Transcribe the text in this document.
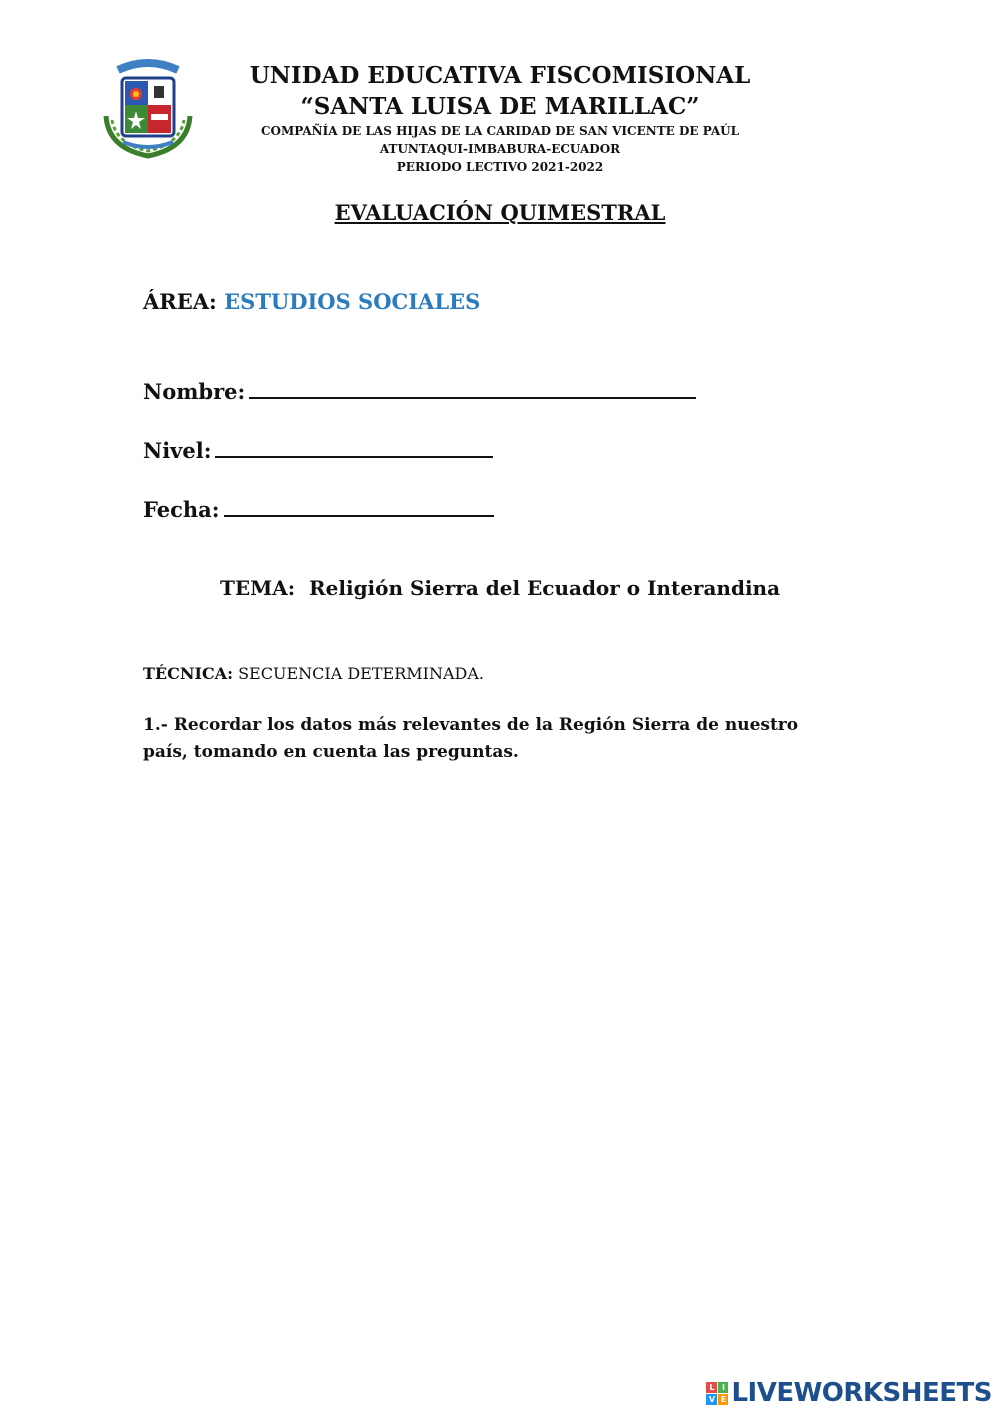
UNIDAD EDUCATIVA FISCOMISIONAL
“SANTA LUISA DE MARILLAC”
COMPAÑÍA DE LAS HIJAS DE LA CARIDAD DE SAN VICENTE DE PAÚL
ATUNTAQUI-IMBABURA-ECUADOR
PERIODO LECTIVO 2021-2022
EVALUACIÓN QUIMESTRAL
ÁREA: ESTUDIOS SOCIALES
Nombre:
Nivel:
Fecha:
TEMA:  Religión Sierra del Ecuador o Interandina
TÉCNICA: SECUENCIA DETERMINADA.
1.- Recordar los datos más relevantes de la Región Sierra de nuestro país, tomando en cuenta las preguntas.
L I
V E LIVEWORKSHEETS
